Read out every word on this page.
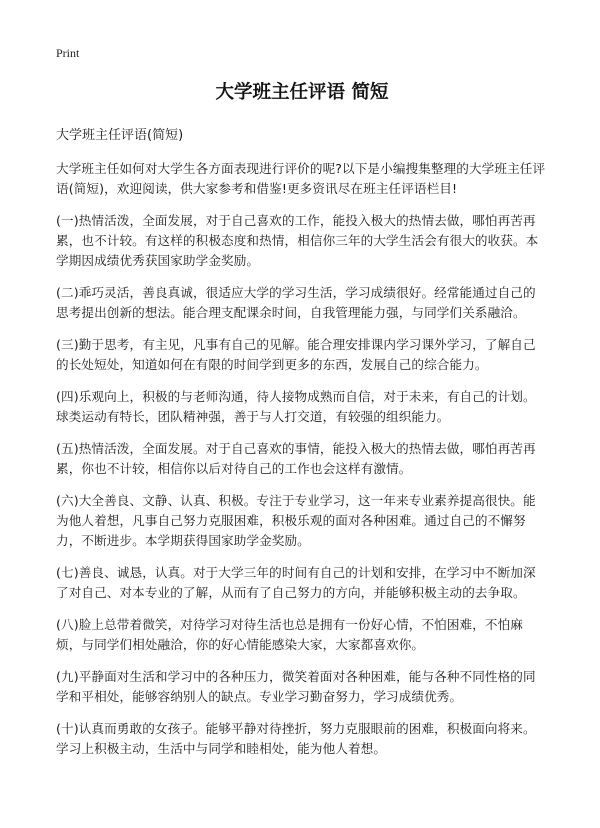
Print
大学班主任评语 简短
大学班主任评语(简短)

大学班主任如何对大学生各方面表现进行评价的呢?以下是小编搜集整理的大学班主任评语(简短)，欢迎阅读，供大家参考和借鉴!更多资讯尽在班主任评语栏目!

(一)热情活泼，全面发展，对于自己喜欢的工作，能投入极大的热情去做，哪怕再苦再累，也不计较。有这样的积极态度和热情，相信你三年的大学生活会有很大的收获。本学期因成绩优秀获国家助学金奖励。

(二)乖巧灵活，善良真诚，很适应大学的学习生活，学习成绩很好。经常能通过自己的思考提出创新的想法。能合理支配课余时间，自我管理能力强，与同学们关系融洽。

(三)勤于思考，有主见，凡事有自己的见解。能合理安排课内学习课外学习，了解自己的长处短处，知道如何在有限的时间学到更多的东西，发展自己的综合能力。

(四)乐观向上，积极的与老师沟通，待人接物成熟而自信，对于未来，有自己的计划。球类运动有特长，团队精神强，善于与人打交道，有较强的组织能力。

(五)热情活泼，全面发展。对于自己喜欢的事情，能投入极大的热情去做，哪怕再苦再累，你也不计较，相信你以后对待自己的工作也会这样有激情。

(六)大全善良、文静、认真、积极。专注于专业学习，这一年来专业素养提高很快。能为他人着想，凡事自己努力克服困难，积极乐观的面对各种困难。通过自己的不懈努力，不断进步。本学期获得国家助学金奖励。

(七)善良、诚恳，认真。对于大学三年的时间有自己的计划和安排，在学习中不断加深了对自己、对本专业的了解，从而有了自己努力的方向，并能够积极主动的去争取。

(八)脸上总带着微笑，对待学习对待生活也总是拥有一份好心情，不怕困难，不怕麻烦，与同学们相处融洽，你的好心情能感染大家，大家都喜欢你。

(九)平静面对生活和学习中的各种压力，微笑着面对各种困难，能与各种不同性格的同学和平相处，能够容纳别人的缺点。专业学习勤奋努力，学习成绩优秀。

(十)认真而勇敢的女孩子。能够平静对待挫折，努力克服眼前的困难，积极面向将来。学习上积极主动，生活中与同学和睦相处，能为他人着想。
